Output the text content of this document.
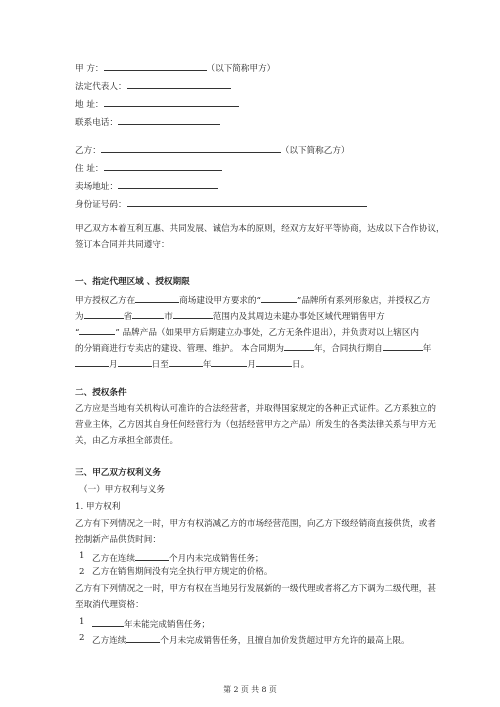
甲 方：	（以下简称甲方）
法定代表人：
地 址：
联系电话：
乙方：	（以下简称乙方）
住 址：
卖场地址：
身份证号码：
甲乙双方本着互利互惠、共同发展、诚信为本的原则，经双方友好平等协商，达成以下合作协议，
签订本合同并共同遵守：
一、指定代理区域 、授权期限
甲方授权乙方在	商场建设甲方要求的“	”品牌所有系列形象店，并授权乙方
为	省	市	范围内及其周边未建办事处区域代理销售甲方
“	” 品牌产品（如果甲方后期建立办事处，乙方无条件退出），并负责对以上辖区内
的分销商进行专卖店的建设、管理、维护。 本合同期为	年，合同执行期自	年
月	日至	年	月	日。
二、授权条件
乙方应是当地有关机构认可准许的合法经营者，并取得国家规定的各种正式证件。乙方系独立的
营业主体，乙方因其自身任何经营行为（包括经营甲方之产品）所发生的各类法律关系与甲方无
关，由乙方承担全部责任。
三、甲乙双方权利义务
（一）甲方权利与义务
1. 甲方权利
乙方有下列情况之一时，甲方有权消减乙方的市场经营范围，向乙方下级经销商直接供货，或者
控制新产品供货时间：
1 乙方在连续	个月内未完成销售任务；
2 乙方在销售期间没有完全执行甲方规定的价格。
乙方有下列情况之一时，甲方有权在当地另行发展新的一级代理或者将乙方下调为二级代理，甚
至取消代理资格：
1	年未能完成销售任务；
2 乙方连续	个月未完成销售任务，且擅自加价发货超过甲方允许的最高上限。
第 2 页 共 8 页
